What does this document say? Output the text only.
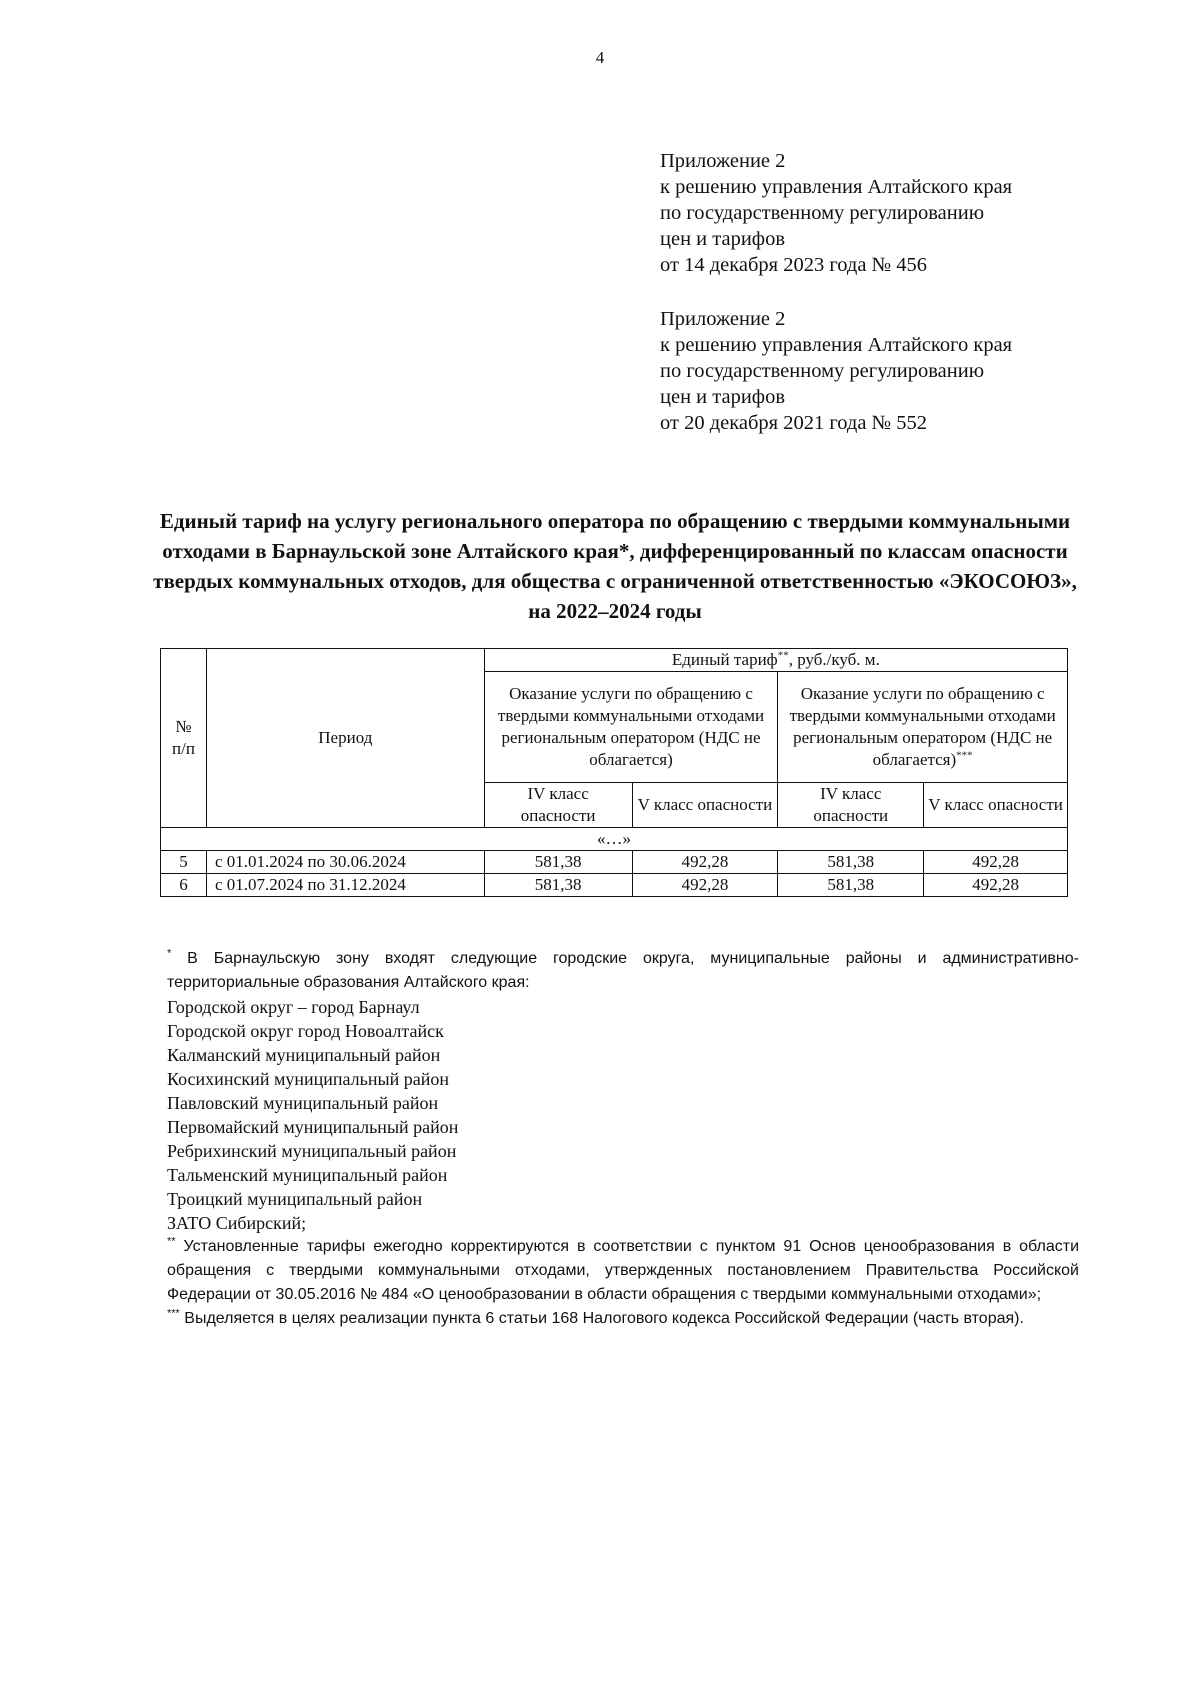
4
Приложение 2
к решению управления Алтайского края
по государственному регулированию
цен и тарифов
от 14 декабря 2023 года № 456
Приложение 2
к решению управления Алтайского края
по государственному регулированию
цен и тарифов
от 20 декабря 2021 года № 552
Единый тариф на услугу регионального оператора по обращению с твердыми коммунальными отходами в Барнаульской зоне Алтайского края*, дифференцированный по классам опасности твердых коммунальных отходов, для общества с ограниченной ответственностью «ЭКОСОЮЗ», на 2022–2024 годы
№
п/п	Период	Единый тариф**, руб./куб. м.			
		Оказание услуги по обращению с твердыми коммунальными отходами региональным оператором (НДС не облагается)		Оказание услуги по обращению с твердыми коммунальными отходами региональным оператором (НДС не облагается)***
		IV класс опасности	V класс опасности	IV класс опасности	V класс опасности
«…»					
5	с 01.01.2024 по 30.06.2024	581,38	492,28	581,38	492,28
6	с 01.07.2024 по 31.12.2024	581,38	492,28	581,38	492,28

* В Барнаульскую зону входят следующие городские округа, муниципальные районы и административно-территориальные образования Алтайского края:

Городской округ – город Барнаул
Городской округ город Новоалтайск
Калманский муниципальный район
Косихинский муниципальный район
Павловский муниципальный район
Первомайский муниципальный район
Ребрихинский муниципальный район
Тальменский муниципальный район
Троицкий муниципальный район
ЗАТО Сибирский;

** Установленные тарифы ежегодно корректируются в соответствии с пунктом 91 Основ ценообразования в области обращения с твердыми коммунальными отходами, утвержденных постановлением Правительства Российской Федерации от 30.05.2016 № 484 «О ценообразовании в области обращения с твердыми коммунальными отходами»;

*** Выделяется в целях реализации пункта 6 статьи 168 Налогового кодекса Российской Федерации (часть вторая).
